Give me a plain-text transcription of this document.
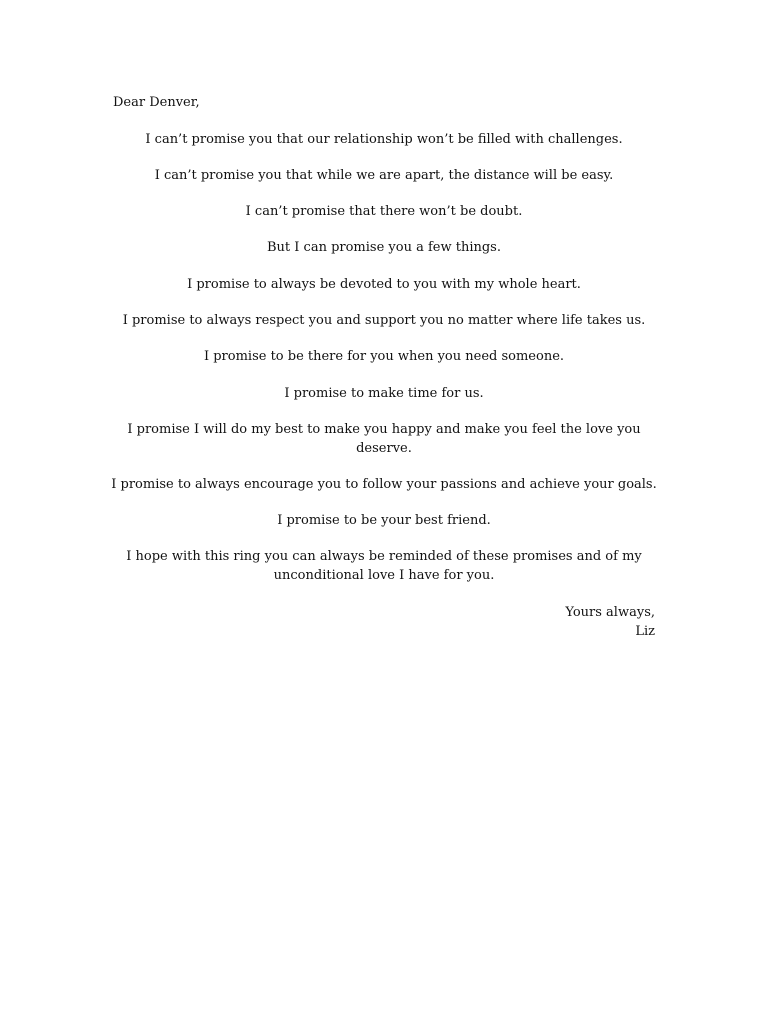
Dear Denver,
I can’t promise you that our relationship won’t be filled with challenges.
I can’t promise you that while we are apart, the distance will be easy.
I can’t promise that there won’t be doubt.
But I can promise you a few things.
I promise to always be devoted to you with my whole heart.
I promise to always respect you and support you no matter where life takes us.
I promise to be there for you when you need someone.
I promise to make time for us.
I promise I will do my best to make you happy and make you feel the love you deserve.
I promise to always encourage you to follow your passions and achieve your goals.
I promise to be your best friend.
I hope with this ring you can always be reminded of these promises and of my unconditional love I have for you.
Yours always,
Liz
